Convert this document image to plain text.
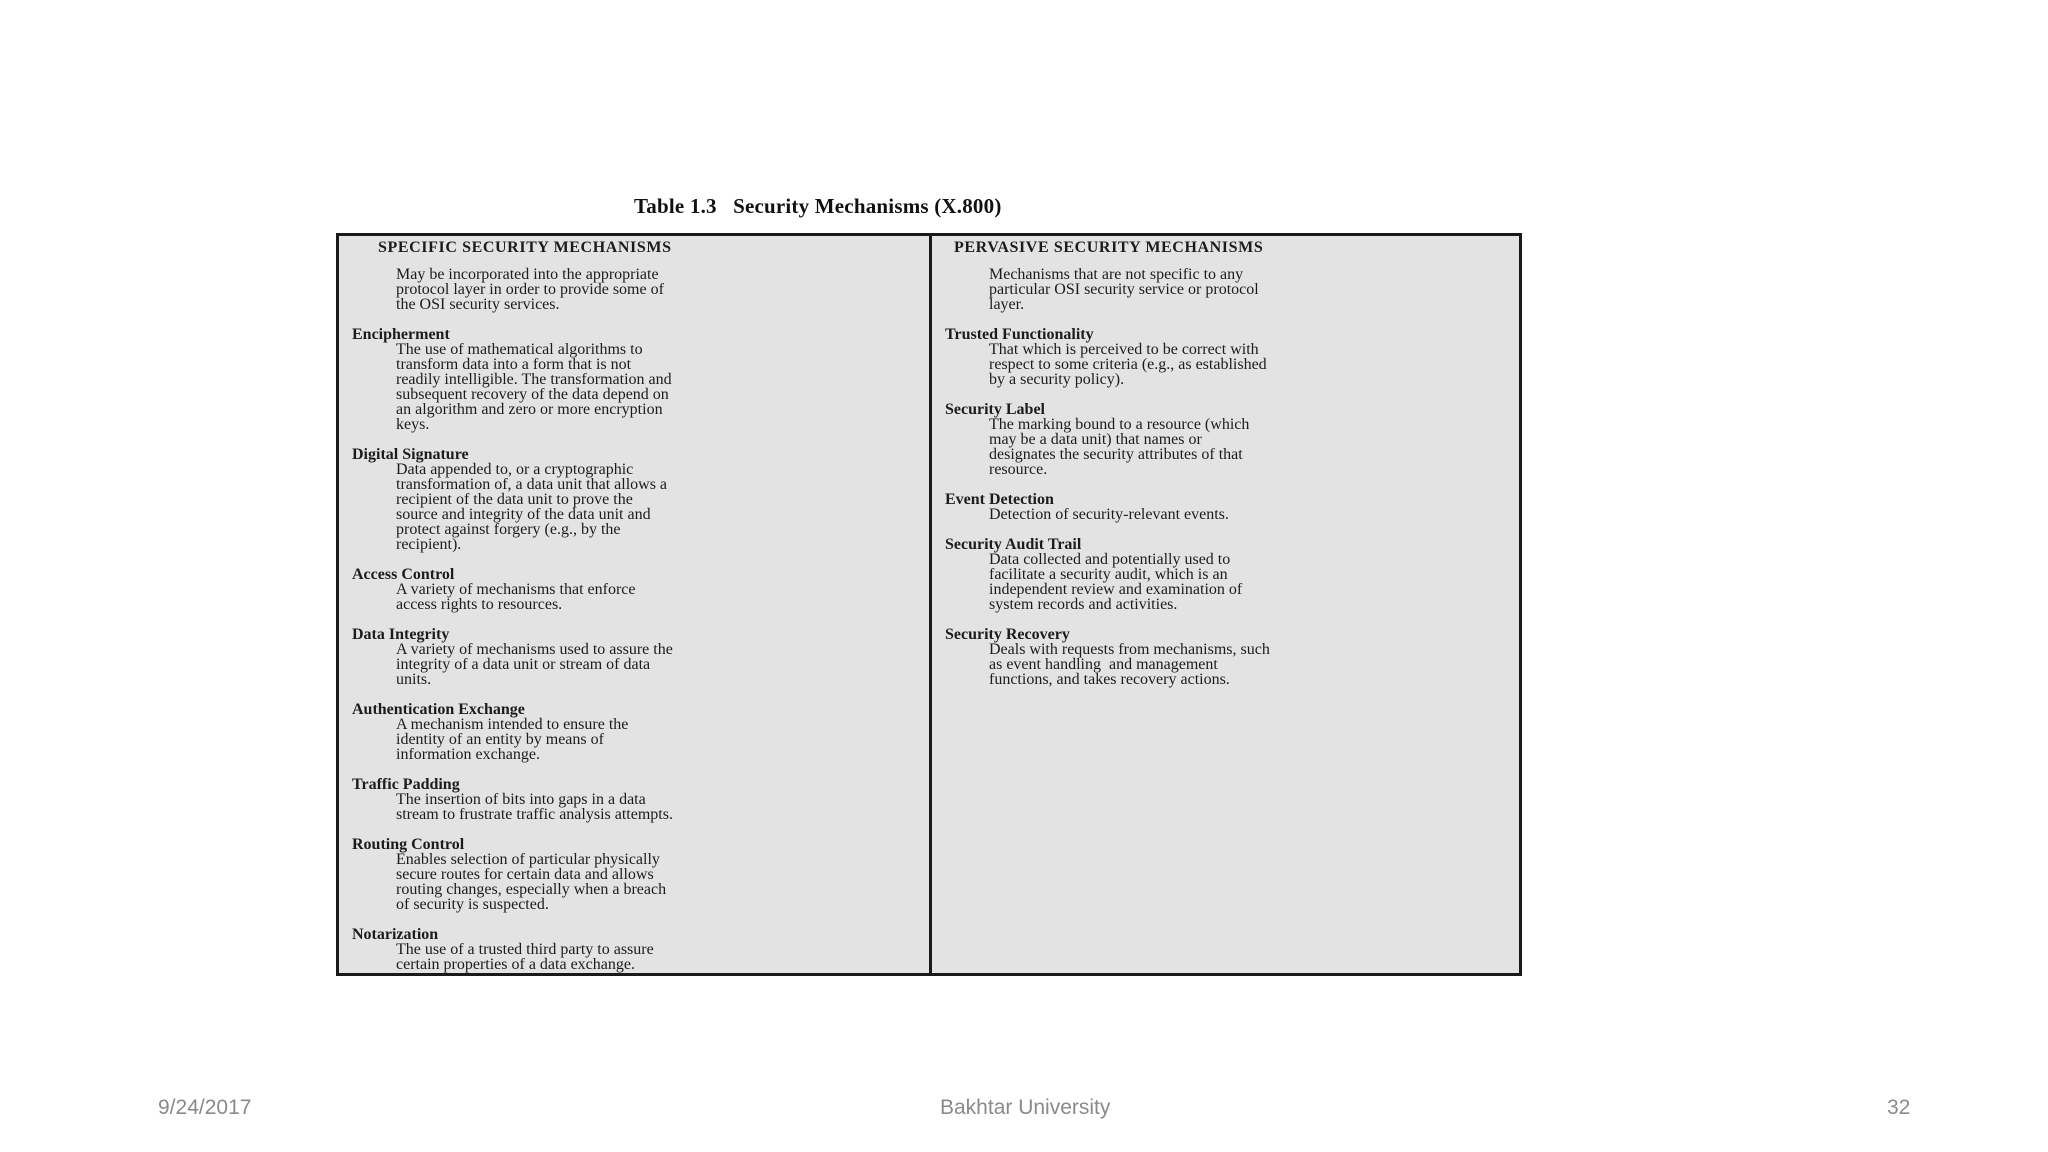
Table 1.3   Security Mechanisms (X.800)
SPECIFIC SECURITY MECHANISMS
May be incorporated into the appropriate
protocol layer in order to provide some of
the OSI security services.
Encipherment
The use of mathematical algorithms to
transform data into a form that is not
readily intelligible. The transformation and
subsequent recovery of the data depend on
an algorithm and zero or more encryption
keys.
Digital Signature
Data appended to, or a cryptographic
transformation of, a data unit that allows a
recipient of the data unit to prove the
source and integrity of the data unit and
protect against forgery (e.g., by the
recipient).
Access Control
A variety of mechanisms that enforce
access rights to resources.
Data Integrity
A variety of mechanisms used to assure the
integrity of a data unit or stream of data
units.
Authentication Exchange
A mechanism intended to ensure the
identity of an entity by means of
information exchange.
Traffic Padding
The insertion of bits into gaps in a data
stream to frustrate traffic analysis attempts.
Routing Control
Enables selection of particular physically
secure routes for certain data and allows
routing changes, especially when a breach
of security is suspected.
Notarization
The use of a trusted third party to assure
certain properties of a data exchange.
PERVASIVE SECURITY MECHANISMS
Mechanisms that are not specific to any
particular OSI security service or protocol
layer.
Trusted Functionality
That which is perceived to be correct with
respect to some criteria (e.g., as established
by a security policy).
Security Label
The marking bound to a resource (which
may be a data unit) that names or
designates the security attributes of that
resource.
Event Detection
Detection of security-relevant events.
Security Audit Trail
Data collected and potentially used to
facilitate a security audit, which is an
independent review and examination of
system records and activities.
Security Recovery
Deals with requests from mechanisms, such
as event handling  and management
functions, and takes recovery actions.
9/24/2017	Bakhtar University	32
